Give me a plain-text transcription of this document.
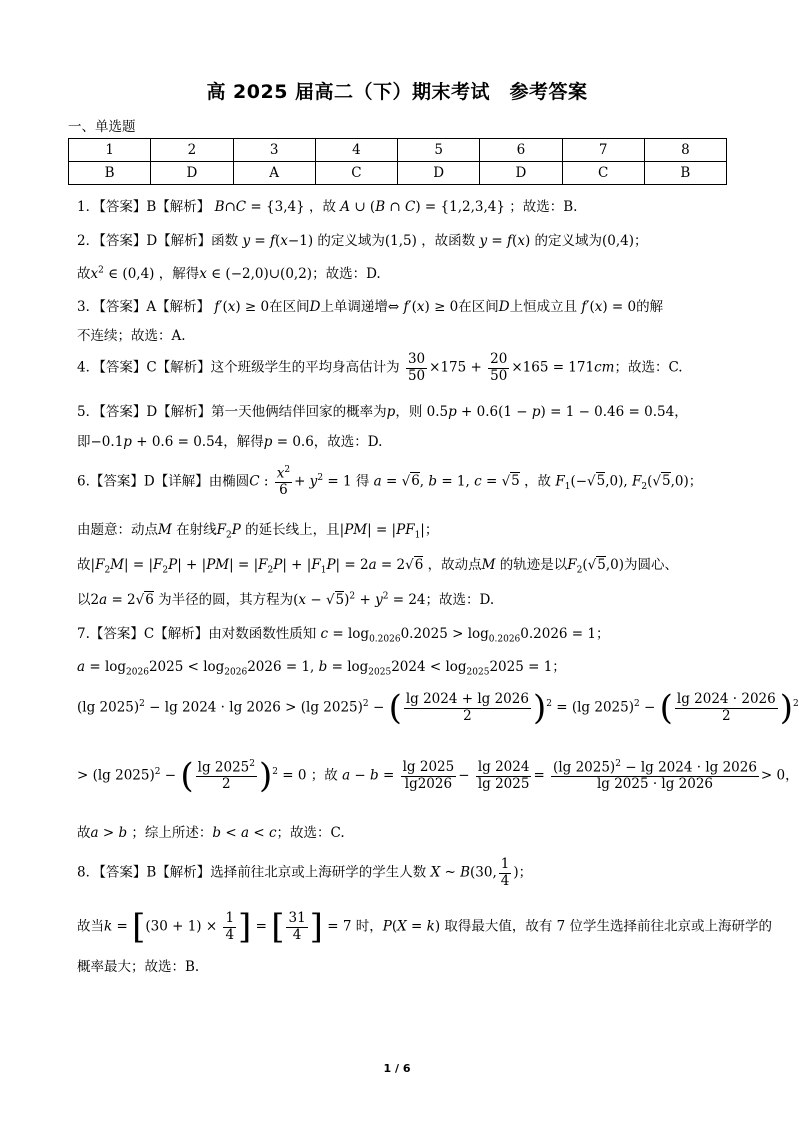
高 2025 届高二（下）期末考试　参考答案
一、单选题
1	2	3	4	5	6	7	8
B	D	A	C	D	D	C	B
1．【答案】B【解析】 B∩C = {3,4} ，故 A ∪ (B ∩ C) = {1,2,3,4} ；故选：B.
2．【答案】D【解析】函数 y = f(x−1) 的定义域为(1,5) ，故函数 y = f(x) 的定义域为(0,4)；
故$x^2$ ∈ (0,4) ，解得x ∈ (−2,0)∪(0,2)；故选：D.
3．【答案】A【解析】 f′(x) ≥ 0在区间D上单调递增⇔ f′(x) ≥ 0在区间D上恒成立且 f′(x) = 0的解
不连续；故选：A.
4．【答案】C【解析】这个班级学生的平均身高估计为 $\frac{30}{50} \times 175 + \frac{20}{50} \times 165 = 171cm$；故选：C.
5．【答案】D【解析】第一天他俩结伴回家的概率为p，则 0.5p + 0.6(1 − p) = 1 − 0.46 = 0.54，
即−0.1p + 0.6 = 0.54，解得p = 0.6，故选：D.
6.【答案】D【详解】由椭圆C : $\frac{x^2}{6} + y^2 = 1$ 得 a = √6, b = 1, c = √5 ，故 $F_1(-√5,0)$, $F_2(√5,0)$；
由题意：动点M 在射线$F_2P$ 的延长线上，且$|PM| = |PF_1|$；
故$|F_2M| = |F_2P| + |PM| = |F_2P| + |F_1P| = 2a = 2√6$ ，故动点M 的轨迹是以$F_2(√5,0)$为圆心、
以2a = 2√6 为半径的圆，其方程为$(x - √5)^2 + y^2 = 24$；故选：D.
7.【答案】C【解析】由对数函数性质知 $c = \log_{0.2026}0.2025 > \log_{0.2026}0.2026 = 1$；
$a = \log_{2026}2025 < \log_{2026}2026 = 1$, $b = \log_{2025}2024 < \log_{2025}2025 = 1$；
(lg 2025)$^2$ − lg 2024 · lg 2026 > (lg 2025)$^2$ − ( $\frac{\lg 2024 + \lg 2026}{2} )^2 = (\lg$ 2025)$^2$ − ( $\frac{\lg 2024 \cdot 2026}{2} )^2$
> (lg 2025)$^2$ − ( $\frac{\lg 2025^2}{2} )^2 = 0$ ；故 $a - b = \frac{\lg 2025}{\lg 2026} - \frac{\lg 2024}{\lg 2025} = \frac{(\lg 2025)^2 - \lg 2024 \cdot \lg 2026}{\lg 2025 \cdot \lg 2026} > 0$，
故a > b ；综上所述：b < a < c；故选：C.
8．【答案】B【解析】选择前往北京或上海研学的学生人数 X ~ B(30, $\frac{1}{4}$ )；
故当$k = [(30 + 1) \times \frac{1}{4}$ ] = [ $\frac{31}{4}$ ] = 7 时，P(X = k) 取得最大值，故有 7 位学生选择前往北京或上海研学的
概率最大；故选：B.
1 / 6
